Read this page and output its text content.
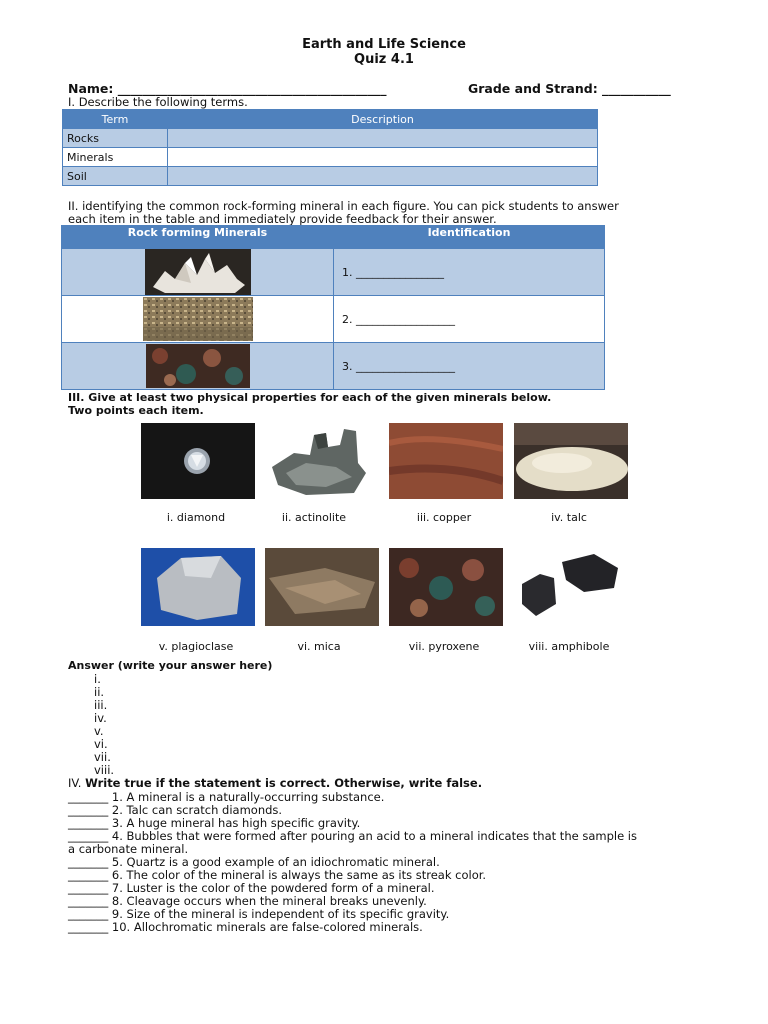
Earth and Life Science
Quiz 4.1
Name: ___________________________________________	Grade and Strand: ___________
I. Describe the following terms.
Term	Description
Rocks	
Minerals	
Soil	
II. identifying the common rock-forming mineral in each figure. You can pick students to answer
each item in the table and immediately provide feedback for their answer.
Rock forming Minerals	Identification
	1. ________________
	2. __________________
	3. __________________
III. Give at least two physical properties for each of the given minerals below.
Two points each item.
i. diamond	ii. actinolite	iii. copper	iv. talc
v. plagioclase	vi. mica	vii. pyroxene	viii. amphibole
Answer (write your answer here)
i.
ii.
iii.
iv.
v.
vi.
vii.
viii.
IV. Write true if the statement is correct. Otherwise, write false.
_______ 1. A mineral is a naturally-occurring substance.
_______ 2. Talc can scratch diamonds.
_______ 3. A huge mineral has high specific gravity.
_______ 4. Bubbles that were formed after pouring an acid to a mineral indicates that the sample is
a carbonate mineral.
_______ 5. Quartz is a good example of an idiochromatic mineral.
_______ 6. The color of the mineral is always the same as its streak color.
_______ 7. Luster is the color of the powdered form of a mineral.
_______ 8. Cleavage occurs when the mineral breaks unevenly.
_______ 9. Size of the mineral is independent of its specific gravity.
_______ 10. Allochromatic minerals are false-colored minerals.
